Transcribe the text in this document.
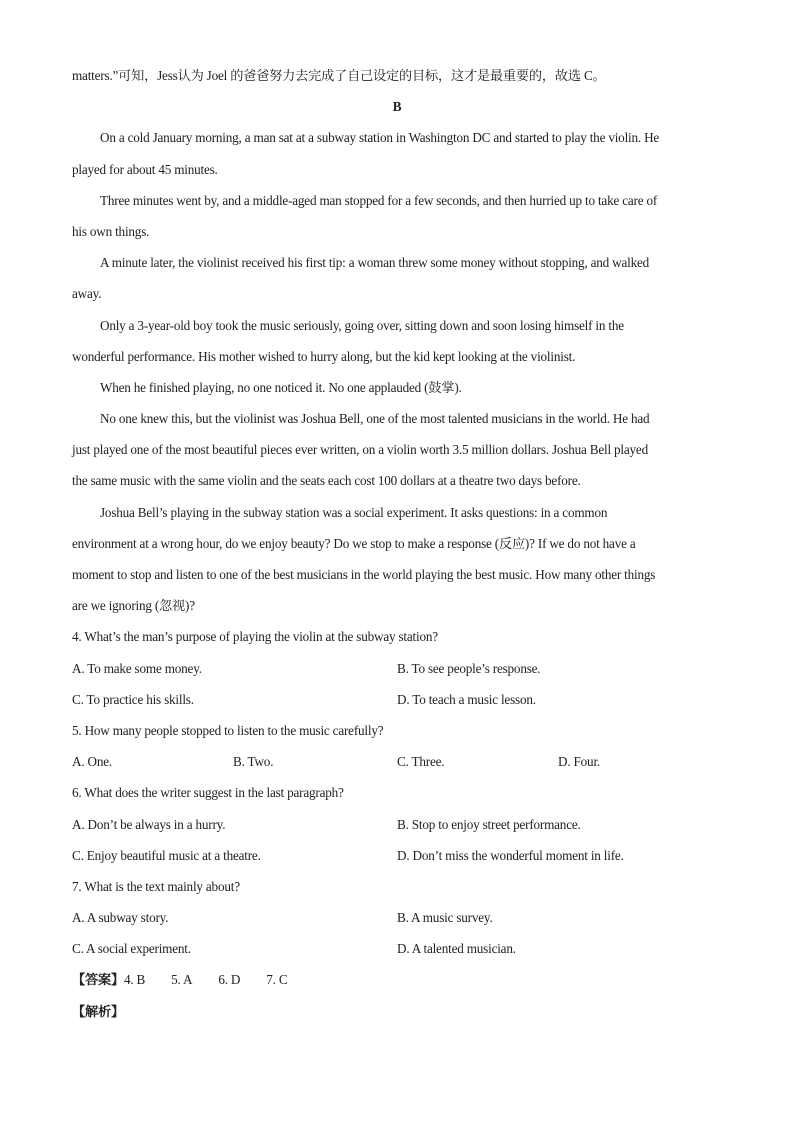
matters.”可知，Jess认为 Joel 的爸爸努力去完成了自己设定的目标，这才是最重要的，故选 C。
B
On a cold January morning, a man sat at a subway station in Washington DC and started to play the violin. He
played for about 45 minutes.
Three minutes went by, and a middle-aged man stopped for a few seconds, and then hurried up to take care of
his own things.
A minute later, the violinist received his first tip: a woman threw some money without stopping, and walked
away.
Only a 3-year-old boy took the music seriously, going over, sitting down and soon losing himself in the
wonderful performance. His mother wished to hurry along, but the kid kept looking at the violinist.
When he finished playing, no one noticed it. No one applauded (鼓掌).
No one knew this, but the violinist was Joshua Bell, one of the most talented musicians in the world. He had
just played one of the most beautiful pieces ever written, on a violin worth 3.5 million dollars. Joshua Bell played
the same music with the same violin and the seats each cost 100 dollars at a theatre two days before.
Joshua Bell’s playing in the subway station was a social experiment. It asks questions: in a common
environment at a wrong hour, do we enjoy beauty? Do we stop to make a response (反应)? If we do not have a
moment to stop and listen to one of the best musicians in the world playing the best music. How many other things
are we ignoring (忽视)?
4. What’s the man’s purpose of playing the violin at the subway station?
A. To make some money.	B. To see people’s response.
C. To practice his skills.	D. To teach a music lesson.
5. How many people stopped to listen to the music carefully?
A. One.	B. Two.	C. Three.	D. Four.
6. What does the writer suggest in the last paragraph?
A. Don’t be always in a hurry.	B. Stop to enjoy street performance.
C. Enjoy beautiful music at a theatre.	D. Don’t miss the wonderful moment in life.
7. What is the text mainly about?
A. A subway story.	B. A music survey.
C. A social experiment.	D. A talented musician.
【答案】4. B 5. A 6. D 7. C
【解析】
